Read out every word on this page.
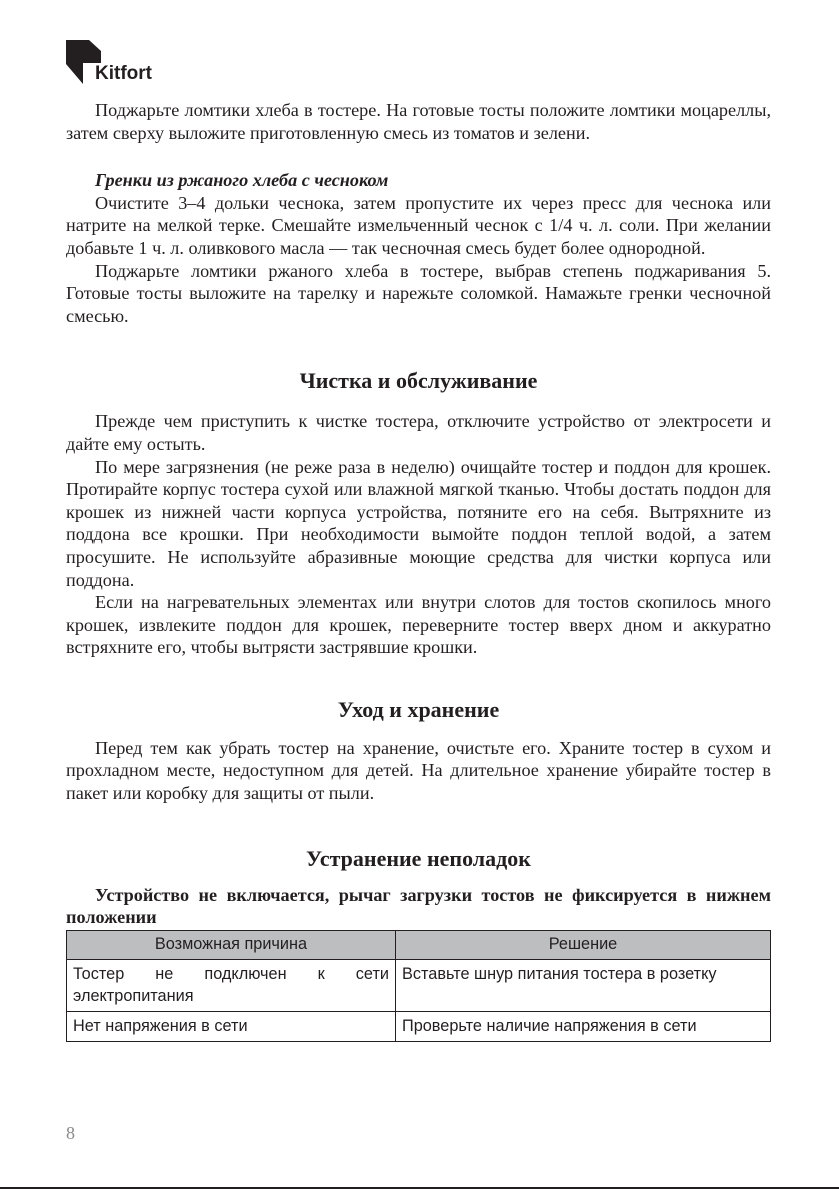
Kitfort

Поджарьте ломтики хлеба в тостере. На готовые тосты положите ломтики моцареллы, затем сверху выложите приготовленную смесь из томатов и зелени.

Гренки из ржаного хлеба с чесноком

Очистите 3–4 дольки чеснока, затем пропустите их через пресс для чеснока или натрите на мелкой терке. Смешайте измельченный чеснок с 1/4 ч. л. соли. При желании добавьте 1 ч. л. оливкового масла — так чесночная смесь будет более однородной.

Поджарьте ломтики ржаного хлеба в тостере, выбрав степень поджаривания 5. Готовые тосты выложите на тарелку и нарежьте соломкой. Намажьте гренки чесночной смесью.

Чистка и обслуживание

Прежде чем приступить к чистке тостера, отключите устройство от электросети и дайте ему остыть.

По мере загрязнения (не реже раза в неделю) очищайте тостер и поддон для крошек. Протирайте корпус тостера сухой или влажной мягкой тканью. Чтобы достать поддон для крошек из нижней части корпуса устройства, потяните его на себя. Вытряхните из поддона все крошки. При необходимости вымойте поддон теплой водой, а затем просушите. Не используйте абразивные моющие средства для чистки корпуса или поддона.

Если на нагревательных элементах или внутри слотов для тостов скопилось много крошек, извлеките поддон для крошек, переверните тостер вверх дном и аккуратно встряхните его, чтобы вытрясти застрявшие крошки.

Уход и хранение

Перед тем как убрать тостер на хранение, очистьте его. Храните тостер в сухом и прохладном месте, недоступном для детей. На длительное хранение убирайте тостер в пакет или коробку для защиты от пыли.

Устранение неполадок

Устройство не включается, рычаг загрузки тостов не фиксируется в нижнем положении

Возможная причина	Решение
Тостер не подключен к сети электропитания	Вставьте шнур питания тостера в розетку
Нет напряжения в сети	Проверьте наличие напряжения в сети
8
